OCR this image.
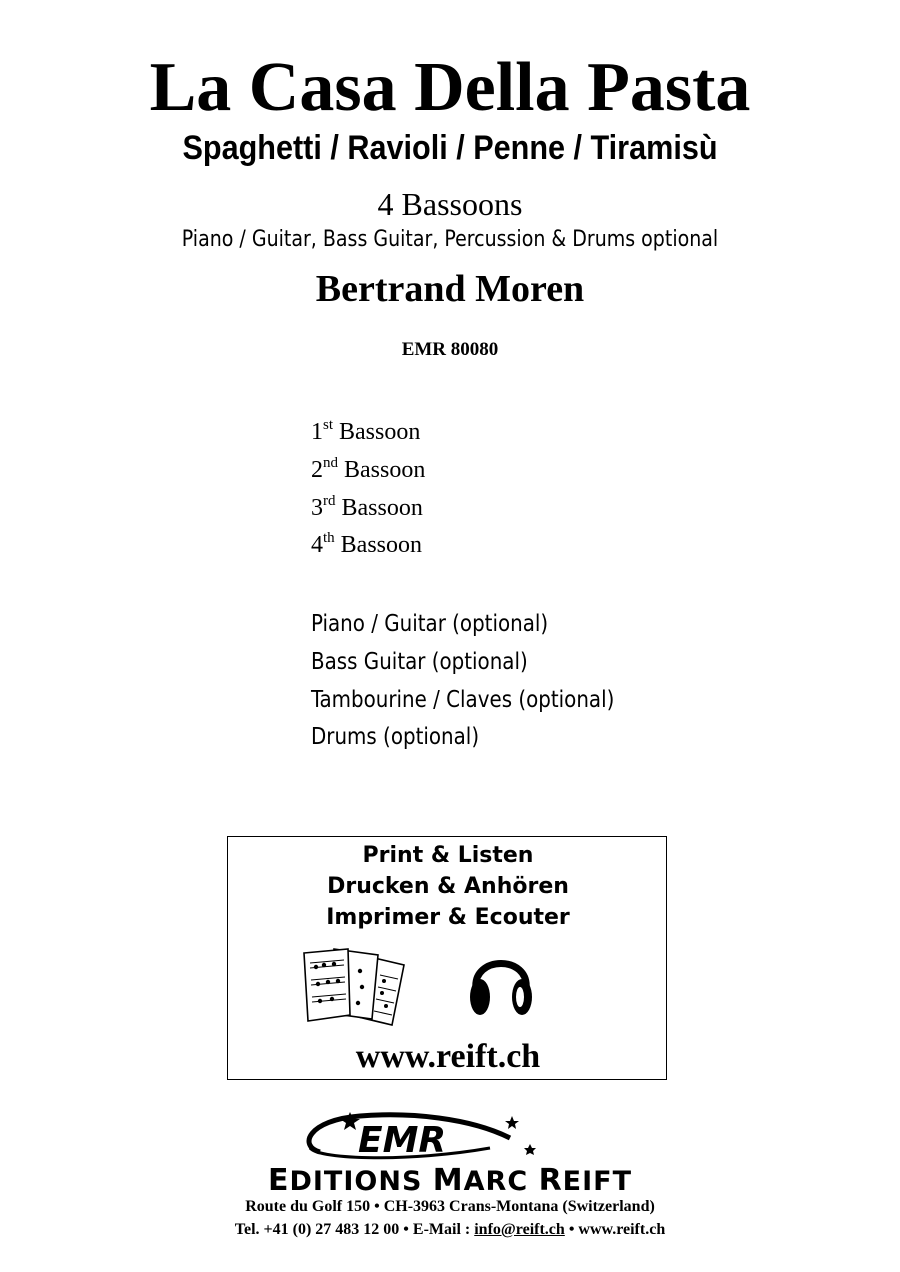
La Casa Della Pasta
Spaghetti / Ravioli / Penne / Tiramisù
4 Bassoons
Piano / Guitar, Bass Guitar, Percussion & Drums optional
Bertrand Moren
EMR 80080
1st Bassoon
2nd Bassoon
3rd Bassoon
4th Bassoon
Piano / Guitar (optional)
Bass Guitar (optional)
Tambourine / Claves (optional)
Drums (optional)
Print & Listen
Drucken & Anhören
Imprimer & Ecouter
www.reift.ch
EMR
EDITIONS MARC REIFT
Route du Golf 150 • CH-3963 Crans-Montana (Switzerland)
Tel. +41 (0) 27 483 12 00 • E-Mail : info@reift.ch • www.reift.ch
